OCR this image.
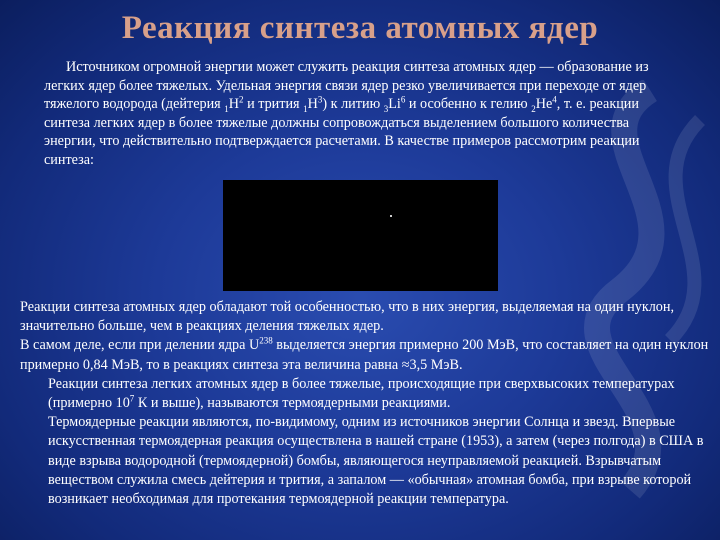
Реакция синтеза атомных ядер
Источником огромной энергии может служить реакция синтеза атомных ядер — образование из легких ядер более тяжелых. Удельная энергия связи ядер резко увеличивается при переходе от ядер тяжелого водорода (дейтерия $_1H^2$ и трития $_1H^3$) к литию $_3Li^6$ и особенно к гелию $_2He^4$, т. е. реакции синтеза легких ядер в более тяжелые должны сопровождаться выделением большого количества энергии, что действительно подтверждается расчетами. В качестве примеров рассмотрим реакции синтеза:

Реакции синтеза атомных ядер обладают той особенностью, что в них энергия, выделяемая на один нуклон, значительно больше, чем в реакциях деления тяжелых ядер.

В самом деле, если при делении ядра $U^{238}$ выделяется энергия примерно 200 МэВ, что составляет на один нуклон примерно 0,84 МэВ, то в реакциях синтеза эта величина равна ≈3,5 МэВ.

Реакции синтеза легких атомных ядер в более тяжелые, происходящие при сверхвысоких температурах (примерно $10^7$ К и выше), называются термоядерными реакциями.

Термоядерные реакции являются, по-видимому, одним из источников энергии Солнца и звезд. Впервые искусственная термоядерная реакция осуществлена в нашей стране (1953), а затем (через полгода) в США в виде взрыва водородной (термоядерной) бомбы, являющегося неуправляемой реакцией. Взрывчатым веществом служила смесь дейтерия и трития, а запалом — «обычная» атомная бомба, при взрыве которой возникает необходимая для протекания термоядерной реакции температура.
